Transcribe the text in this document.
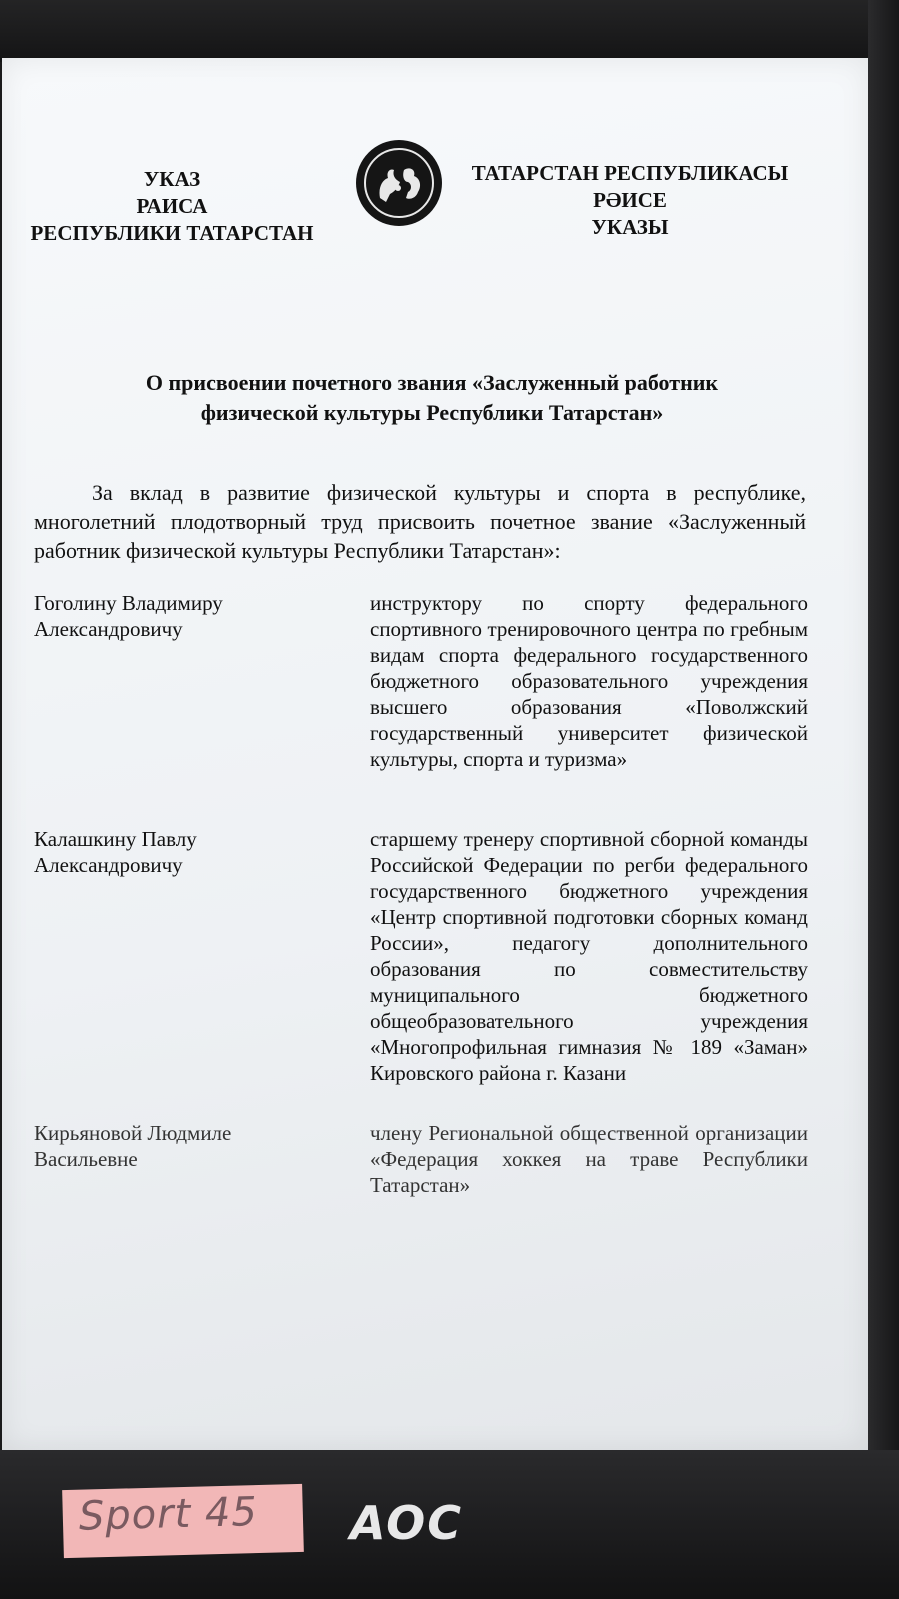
УКАЗ
РАИСА
РЕСПУБЛИКИ ТАТАРСТАН
ТАТАРСТАН РЕСПУБЛИКАСЫ
РӘИСЕ
УКАЗЫ
О присвоении почетного звания «Заслуженный работник
физической культуры Республики Татарстан»
За вклад в развитие физической культуры и спорта в республике, многолетний плодотворный труд присвоить почетное звание «Заслуженный работник физической культуры Республики Татарстан»:
Гоголину Владимиру Александровичу
инструктору по спорту федерального спортивного тренировочного центра по гребным видам спорта федерального государственного бюджетного образовательного учреждения высшего образования «Поволжский государственный университет физической культуры, спорта и туризма»
Калашкину Павлу Александровичу
старшему тренеру спортивной сборной команды Российской Федерации по регби федерального государственного бюджетного учреждения «Центр спортивной подготовки сборных команд России», педагогу дополнительного образования по совместительству муниципального бюджетного общеобразовательного учреждения «Многопрофильная гимназия № 189 «Заман» Кировского района г. Казани
Кирьяновой Людмиле Васильевне
члену Региональной общественной организации «Федерация хоккея на траве Республики Татарстан»
Sport 45	AOC
